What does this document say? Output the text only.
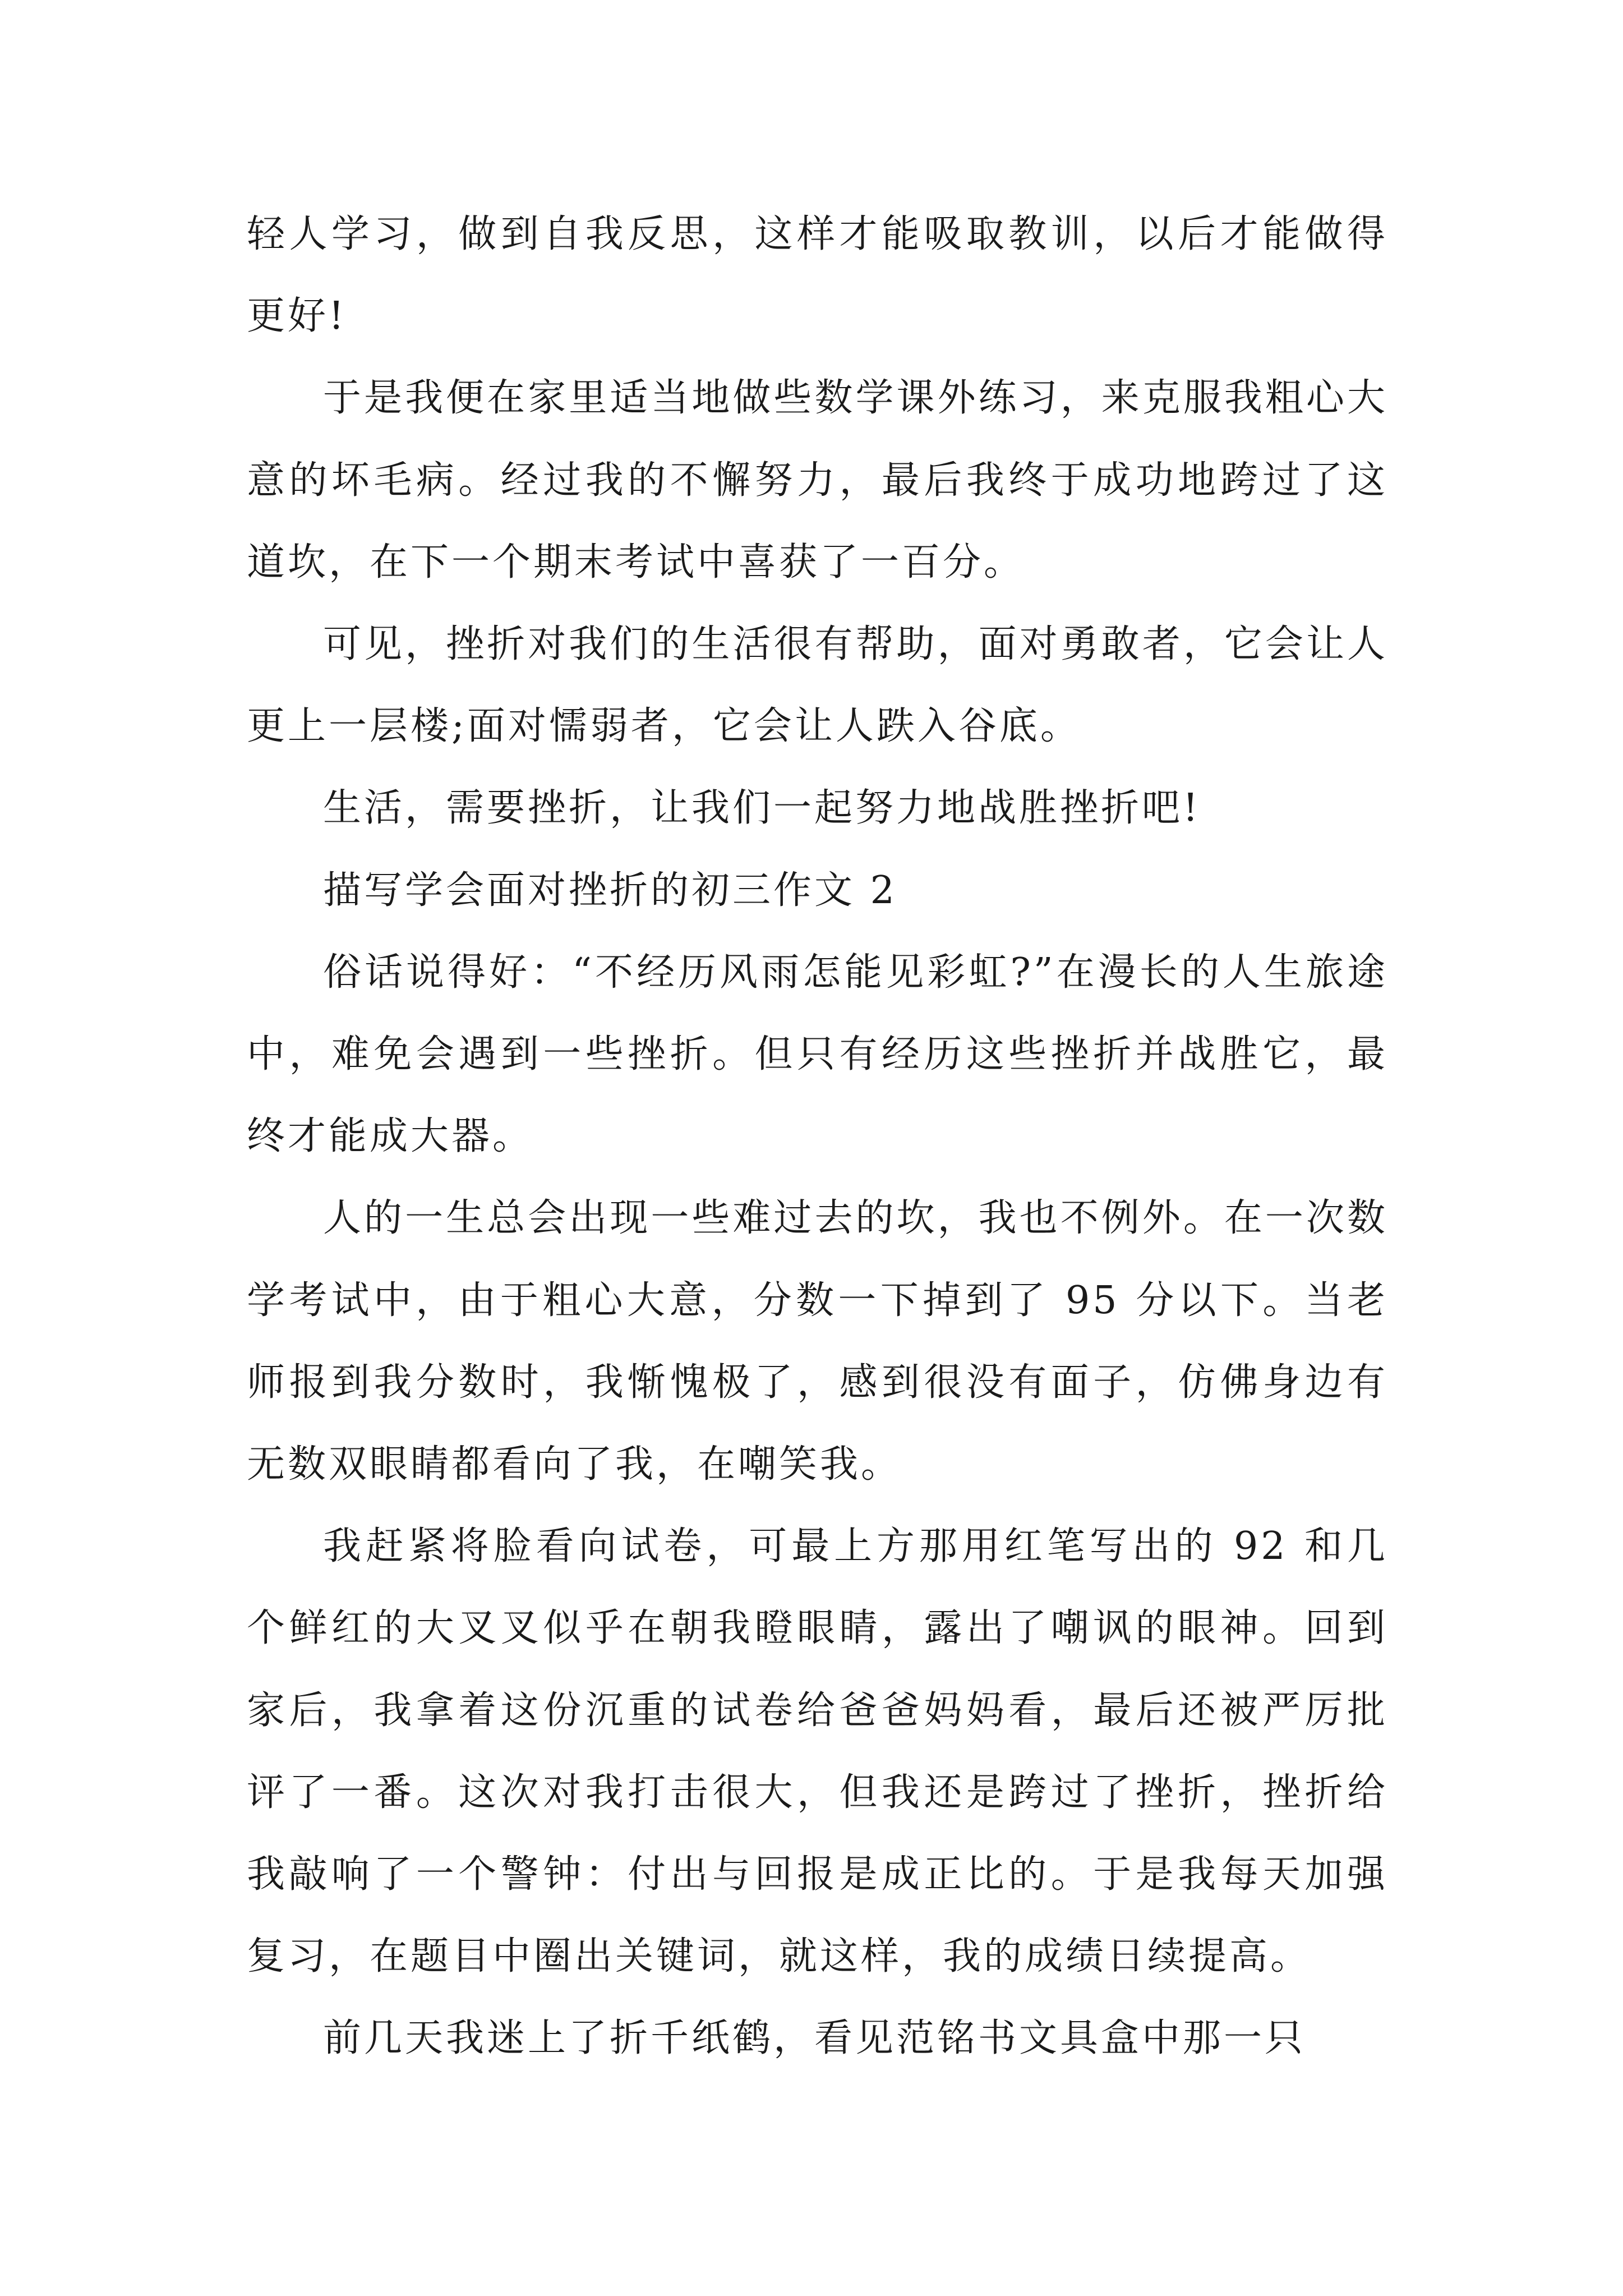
轻人学习，做到自我反思，这样才能吸取教训，以后才能做得更好!

于是我便在家里适当地做些数学课外练习，来克服我粗心大意的坏毛病。经过我的不懈努力，最后我终于成功地跨过了这道坎，在下一个期末考试中喜获了一百分。

可见，挫折对我们的生活很有帮助，面对勇敢者，它会让人更上一层楼;面对懦弱者，它会让人跌入谷底。

生活，需要挫折，让我们一起努力地战胜挫折吧!

描写学会面对挫折的初三作文 2

俗话说得好：“不经历风雨怎能见彩虹?”在漫长的人生旅途中，难免会遇到一些挫折。但只有经历这些挫折并战胜它，最终才能成大器。

人的一生总会出现一些难过去的坎，我也不例外。在一次数学考试中，由于粗心大意，分数一下掉到了 95 分以下。当老师报到我分数时，我惭愧极了，感到很没有面子，仿佛身边有无数双眼睛都看向了我，在嘲笑我。

我赶紧将脸看向试卷，可最上方那用红笔写出的 92 和几个鲜红的大叉叉似乎在朝我瞪眼睛，露出了嘲讽的眼神。回到家后，我拿着这份沉重的试卷给爸爸妈妈看，最后还被严厉批评了一番。这次对我打击很大，但我还是跨过了挫折，挫折给我敲响了一个警钟：付出与回报是成正比的。于是我每天加强复习，在题目中圈出关键词，就这样，我的成绩日续提高。

前几天我迷上了折千纸鹤，看见范铭书文具盒中那一只
